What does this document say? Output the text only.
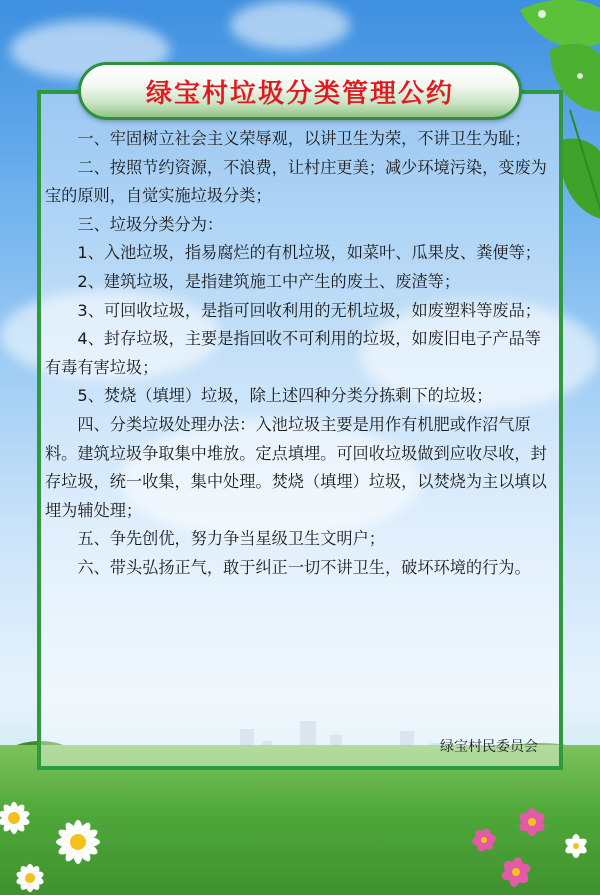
绿宝村垃圾分类管理公约

一、牢固树立社会主义荣辱观，以讲卫生为荣，不讲卫生为耻；

二、按照节约资源，不浪费，让村庄更美；减少环境污染，变废为宝的原则，自觉实施垃圾分类；

三、垃圾分类分为：

1、入池垃圾，指易腐烂的有机垃圾，如菜叶、瓜果皮、粪便等；

2、建筑垃圾，是指建筑施工中产生的废土、废渣等；

3、可回收垃圾，是指可回收利用的无机垃圾，如废塑料等废品；

4、封存垃圾，主要是指回收不可利用的垃圾，如废旧电子产品等有毒有害垃圾；

5、焚烧（填埋）垃圾，除上述四种分类分拣剩下的垃圾；

四、分类垃圾处理办法：入池垃圾主要是用作有机肥或作沼气原料。建筑垃圾争取集中堆放。定点填埋。可回收垃圾做到应收尽收，封存垃圾，统一收集，集中处理。焚烧（填埋）垃圾，以焚烧为主以填以埋为辅处理；

五、争先创优，努力争当星级卫生文明户；

六、带头弘扬正气，敢于纠正一切不讲卫生，破坏环境的行为。

绿宝村民委员会
